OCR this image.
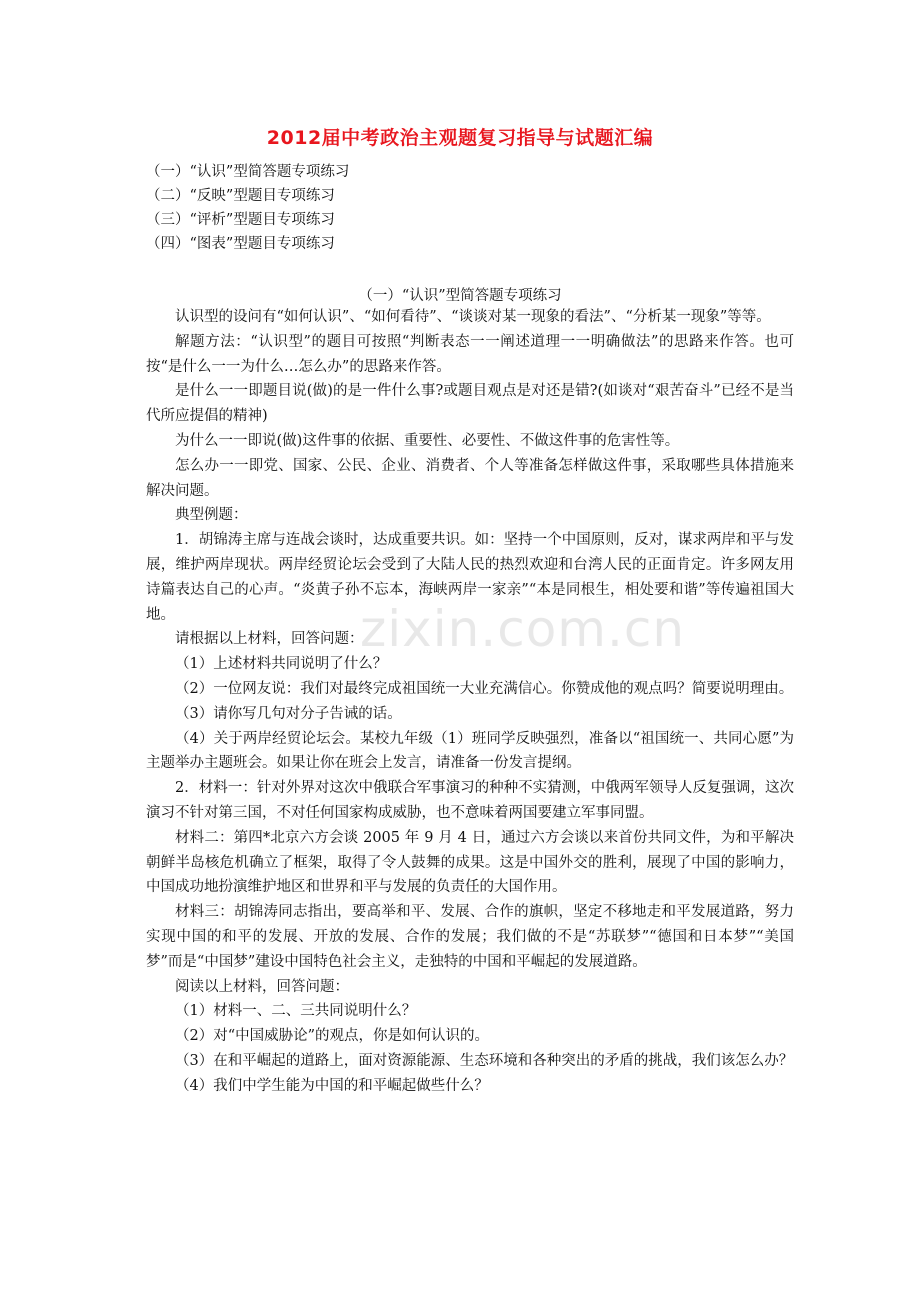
2012届中考政治主观题复习指导与试题汇编
（一）“认识”型简答题专项练习
（二）“反映”型题目专项练习
（三）“评析”型题目专项练习
（四）“图表”型题目专项练习
（一）“认识”型简答题专项练习

认识型的设问有“如何认识”、“如何看待”、“谈谈对某一现象的看法”、“分析某一现象”等等。

解题方法：“认识型”的题目可按照“判断表态一一阐述道理一一明确做法”的思路来作答。也可按“是什么一一为什么…怎么办”的思路来作答。

是什么一一即题目说(做)的是一件什么事?或题目观点是对还是错?(如谈对“艰苦奋斗”已经不是当代所应提倡的精神)

为什么一一即说(做)这件事的依据、重要性、必要性、不做这件事的危害性等。

怎么办一一即党、国家、公民、企业、消费者、个人等准备怎样做这件事，采取哪些具体措施来解决问题。

典型例题：

1．胡锦涛主席与连战会谈时，达成重要共识。如：坚持一个中国原则，反对，谋求两岸和平与发展，维护两岸现状。两岸经贸论坛会受到了大陆人民的热烈欢迎和台湾人民的正面肯定。许多网友用诗篇表达自己的心声。“炎黄子孙不忘本，海峡两岸一家亲”“本是同根生，相处要和谐”等传遍祖国大地。

请根据以上材料，回答问题：

（1）上述材料共同说明了什么？

（2）一位网友说：我们对最终完成祖国统一大业充满信心。你赞成他的观点吗？简要说明理由。

（3）请你写几句对分子告诫的话。

（4）关于两岸经贸论坛会。某校九年级（1）班同学反映强烈，准备以“祖国统一、共同心愿”为主题举办主题班会。如果让你在班会上发言，请准备一份发言提纲。

2．材料一：针对外界对这次中俄联合军事演习的种种不实猜测，中俄两军领导人反复强调，这次演习不针对第三国，不对任何国家构成威胁，也不意味着两国要建立军事同盟。

材料二：第四*北京六方会谈 2005 年 9 月 4 日，通过六方会谈以来首份共同文件，为和平解决朝鲜半岛核危机确立了框架，取得了令人鼓舞的成果。这是中国外交的胜利，展现了中国的影响力，中国成功地扮演维护地区和世界和平与发展的负责任的大国作用。

材料三：胡锦涛同志指出，要高举和平、发展、合作的旗帜，坚定不移地走和平发展道路，努力实现中国的和平的发展、开放的发展、合作的发展；我们做的不是“苏联梦”“德国和日本梦”“美国梦”而是“中国梦”建设中国特色社会主义，走独特的中国和平崛起的发展道路。

阅读以上材料，回答问题：

（1）材料一、二、三共同说明什么？

（2）对“中国威胁论”的观点，你是如何认识的。

（3）在和平崛起的道路上，面对资源能源、生态环境和各种突出的矛盾的挑战，我们该怎么办？

（4）我们中学生能为中国的和平崛起做些什么？

zixin.com.cn
